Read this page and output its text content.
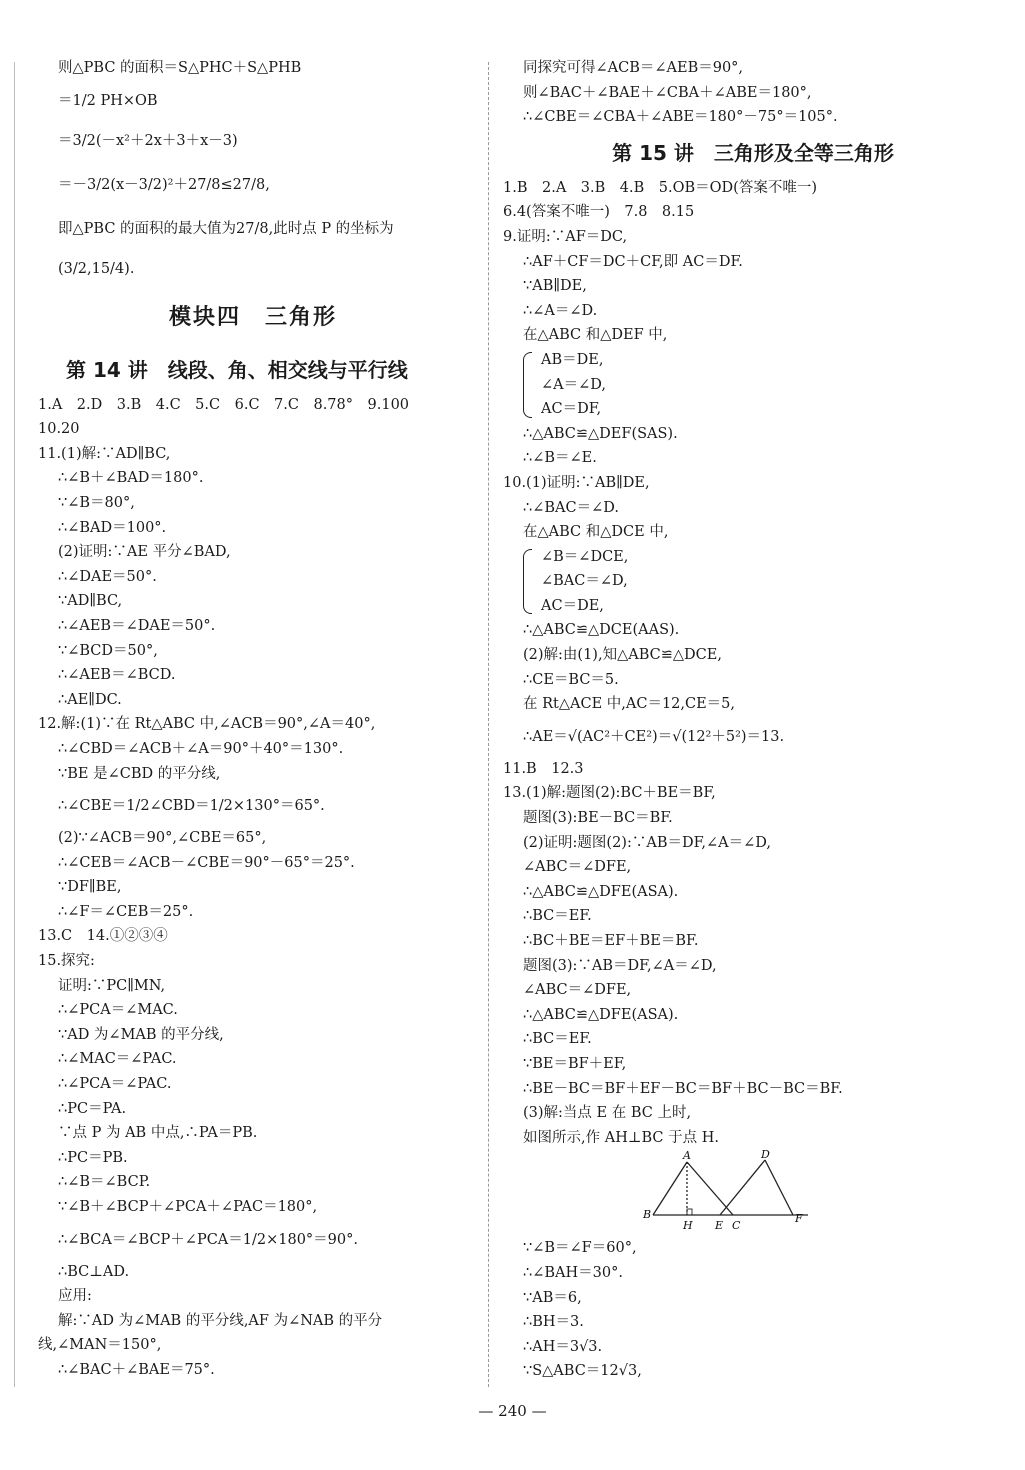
则△PBC 的面积＝S△PHC＋S△PHB
＝1/2 PH×OB
＝3/2(－x²＋2x＋3＋x－3)
＝－3/2(x－3/2)²＋27/8≤27/8,
即△PBC 的面积的最大值为27/8,此时点 P 的坐标为
(3/2,15/4).
模块四　三角形
第 14 讲　线段、角、相交线与平行线
1.A　2.D　3.B　4.C　5.C　6.C　7.C　8.78°　9.100
10.20
11.(1)解:∵AD∥BC,
∴∠B＋∠BAD＝180°.
∵∠B＝80°,
∴∠BAD＝100°.
(2)证明:∵AE 平分∠BAD,
∴∠DAE＝50°.
∵AD∥BC,
∴∠AEB＝∠DAE＝50°.
∵∠BCD＝50°,
∴∠AEB＝∠BCD.
∴AE∥DC.
12.解:(1)∵在 Rt△ABC 中,∠ACB＝90°,∠A＝40°,
∴∠CBD＝∠ACB＋∠A＝90°＋40°＝130°.
∵BE 是∠CBD 的平分线,
∴∠CBE＝1/2∠CBD＝1/2×130°＝65°.
(2)∵∠ACB＝90°,∠CBE＝65°,
∴∠CEB＝∠ACB－∠CBE＝90°－65°＝25°.
∵DF∥BE,
∴∠F＝∠CEB＝25°.
13.C　14.①②③④
15.探究:
证明:∵PC∥MN,
∴∠PCA＝∠MAC.
∵AD 为∠MAB 的平分线,
∴∠MAC＝∠PAC.
∴∠PCA＝∠PAC.
∴PC＝PA.
∵点 P 为 AB 中点,∴PA＝PB.
∴PC＝PB.
∴∠B＝∠BCP.
∵∠B＋∠BCP＋∠PCA＋∠PAC＝180°,
∴∠BCA＝∠BCP＋∠PCA＝1/2×180°＝90°.
∴BC⊥AD.
应用:
解:∵AD 为∠MAB 的平分线,AF 为∠NAB 的平分
线,∠MAN＝150°,
∴∠BAC＋∠BAE＝75°.
同探究可得∠ACB＝∠AEB＝90°,
则∠BAC＋∠BAE＋∠CBA＋∠ABE＝180°,
∴∠CBE＝∠CBA＋∠ABE＝180°－75°＝105°.
第 15 讲　三角形及全等三角形
1.B　2.A　3.B　4.B　5.OB＝OD(答案不唯一)
6.4(答案不唯一)　7.8　8.15
9.证明:∵AF＝DC,
∴AF＋CF＝DC＋CF,即 AC＝DF.
∵AB∥DE,
∴∠A＝∠D.
在△ABC 和△DEF 中,
AB＝DE,
∠A＝∠D,
AC＝DF,
∴△ABC≌△DEF(SAS).
∴∠B＝∠E.
10.(1)证明:∵AB∥DE,
∴∠BAC＝∠D.
在△ABC 和△DCE 中,
∠B＝∠DCE,
∠BAC＝∠D,
AC＝DE,
∴△ABC≌△DCE(AAS).
(2)解:由(1),知△ABC≌△DCE,
∴CE＝BC＝5.
在 Rt△ACE 中,AC＝12,CE＝5,
∴AE＝√(AC²＋CE²)＝√(12²＋5²)＝13.
11.B　12.3
13.(1)解:题图(2):BC＋BE＝BF,
题图(3):BE－BC＝BF.
(2)证明:题图(2):∵AB＝DF,∠A＝∠D,
∠ABC＝∠DFE,
∴△ABC≌△DFE(ASA).
∴BC＝EF.
∴BC＋BE＝EF＋BE＝BF.
题图(3):∵AB＝DF,∠A＝∠D,
∠ABC＝∠DFE,
∴△ABC≌△DFE(ASA).
∴BC＝EF.
∵BE＝BF＋EF,
∴BE－BC＝BF＋EF－BC＝BF＋BC－BC＝BF.
(3)解:当点 E 在 BC 上时,
如图所示,作 AH⊥BC 于点 H.
A	D
B
H E C
F
∵∠B＝∠F＝60°,
∴∠BAH＝30°.
∵AB＝6,
∴BH＝3.
∴AH＝3√3.
∵S△ABC＝12√3,
— 240 —
